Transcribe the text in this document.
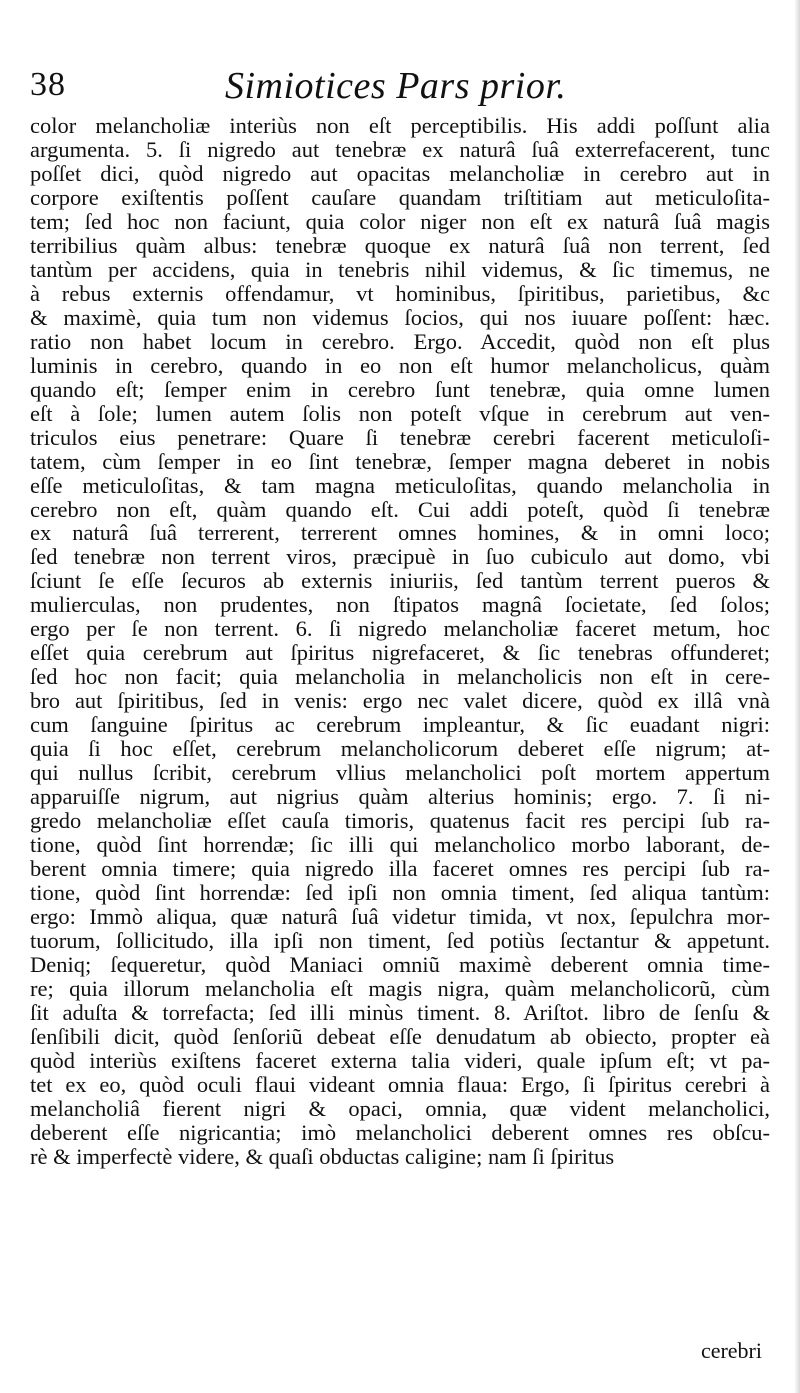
38	Simiotices Pars prior.
color melancholiæ interiùs non eſt perceptibilis. His addi poſſunt alia
argumenta. 5. ſi nigredo aut tenebræ ex naturâ ſuâ exterrefacerent, tunc
poſſet dici, quòd nigredo aut opacitas melancholiæ in cerebro aut in
corpore exiſtentis poſſent cauſare quandam triſtitiam aut meticuloſita-
tem; ſed hoc non faciunt, quia color niger non eſt ex naturâ ſuâ magis
terribilius quàm albus: tenebræ quoque ex naturâ ſuâ non terrent, ſed
tantùm per accidens, quia in tenebris nihil videmus, & ſic timemus, ne
à rebus externis offendamur, vt hominibus, ſpiritibus, parietibus, &c
& maximè, quia tum non videmus ſocios, qui nos iuuare poſſent: hæc.
ratio non habet locum in cerebro. Ergo. Accedit, quòd non eſt plus
luminis in cerebro, quando in eo non eſt humor melancholicus, quàm
quando eſt; ſemper enim in cerebro ſunt tenebræ, quia omne lumen
eſt à ſole; lumen autem ſolis non poteſt vſque in cerebrum aut ven-
triculos eius penetrare: Quare ſi tenebræ cerebri facerent meticuloſi-
tatem, cùm ſemper in eo ſint tenebræ, ſemper magna deberet in nobis
eſſe meticuloſitas, & tam magna meticuloſitas, quando melancholia in
cerebro non eſt, quàm quando eſt. Cui addi poteſt, quòd ſi tenebræ
ex naturâ ſuâ terrerent, terrerent omnes homines, & in omni loco;
ſed tenebræ non terrent viros, præcipuè in ſuo cubiculo aut domo, vbi
ſciunt ſe eſſe ſecuros ab externis iniuriis, ſed tantùm terrent pueros &
mulierculas, non prudentes, non ſtipatos magnâ ſocietate, ſed ſolos;
ergo per ſe non terrent. 6. ſi nigredo melancholiæ faceret metum, hoc
eſſet quia cerebrum aut ſpiritus nigrefaceret, & ſic tenebras offunderet;
ſed hoc non facit; quia melancholia in melancholicis non eſt in cere-
bro aut ſpiritibus, ſed in venis: ergo nec valet dicere, quòd ex illâ vnà
cum ſanguine ſpiritus ac cerebrum impleantur, & ſic euadant nigri:
quia ſi hoc eſſet, cerebrum melancholicorum deberet eſſe nigrum; at-
qui nullus ſcribit, cerebrum vllius melancholici poſt mortem appertum
apparuiſſe nigrum, aut nigrius quàm alterius hominis; ergo. 7. ſi ni-
gredo melancholiæ eſſet cauſa timoris, quatenus facit res percipi ſub ra-
tione, quòd ſint horrendæ; ſic illi qui melancholico morbo laborant, de-
berent omnia timere; quia nigredo illa faceret omnes res percipi ſub ra-
tione, quòd ſint horrendæ: ſed ipſi non omnia timent, ſed aliqua tantùm:
ergo: Immò aliqua, quæ naturâ ſuâ videtur timida, vt nox, ſepulchra mor-
tuorum, ſollicitudo, illa ipſi non timent, ſed potiùs ſectantur & appetunt.
Deniq; ſequeretur, quòd Maniaci omniũ maximè deberent omnia time-
re; quia illorum melancholia eſt magis nigra, quàm melancholicorũ, cùm
ſit aduſta & torrefacta; ſed illi minùs timent. 8. Ariſtot. libro de ſenſu &
ſenſibili dicit, quòd ſenſoriũ debeat eſſe denudatum ab obiecto, propter eà
quòd interiùs exiſtens faceret externa talia videri, quale ipſum eſt; vt pa-
tet ex eo, quòd oculi flaui videant omnia flaua: Ergo, ſi ſpiritus cerebri à
melancholiâ fierent nigri & opaci, omnia, quæ vident melancholici,
deberent eſſe nigricantia; imò melancholici deberent omnes res obſcu-
rè & imperfectè videre, & quaſi obductas caligine; nam ſi ſpiritus
cerebri
